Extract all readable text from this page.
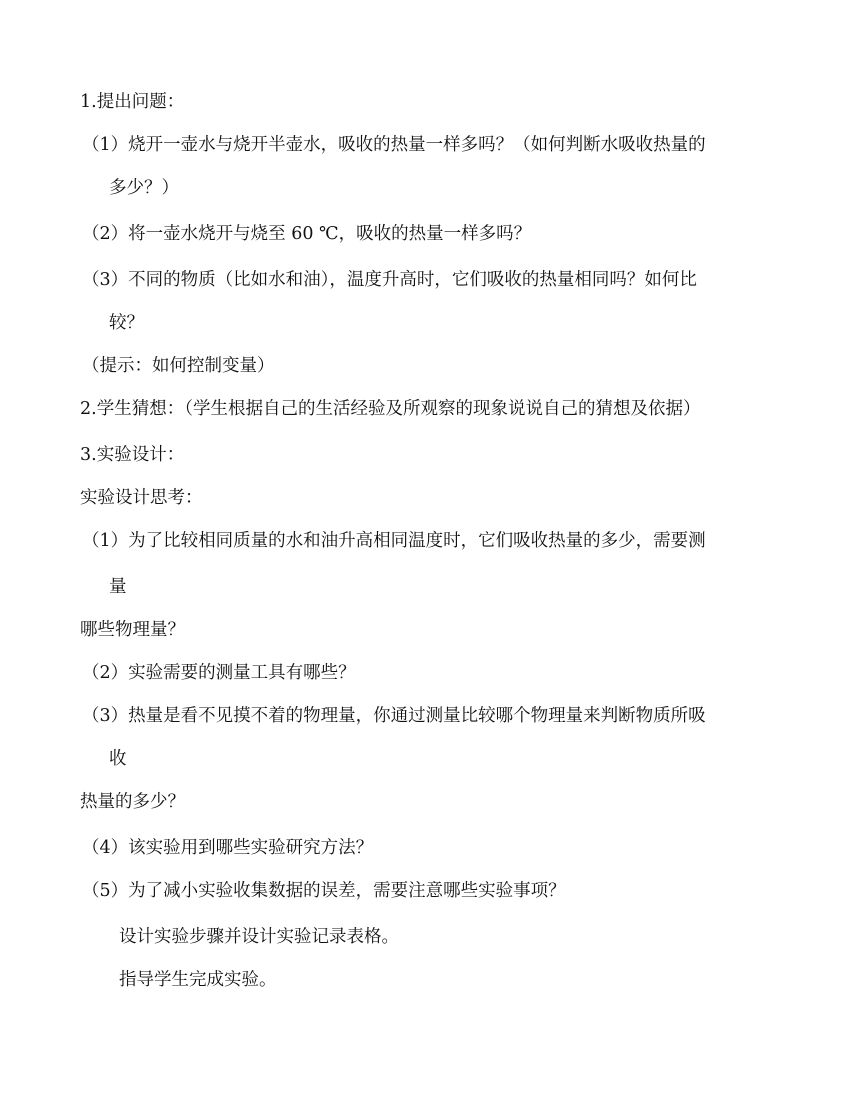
1.提出问题：
（1）烧开一壶水与烧开半壶水，吸收的热量一样多吗？（如何判断水吸收热量的
多少？）
（2）将一壶水烧开与烧至 60 ℃，吸收的热量一样多吗？
（3）不同的物质（比如水和油），温度升高时，它们吸收的热量相同吗？如何比
较？
（提示：如何控制变量）
2.学生猜想：（学生根据自己的生活经验及所观察的现象说说自己的猜想及依据）
3.实验设计：
实验设计思考：
（1）为了比较相同质量的水和油升高相同温度时，它们吸收热量的多少，需要测
量
哪些物理量？
（2）实验需要的测量工具有哪些？
（3）热量是看不见摸不着的物理量，你通过测量比较哪个物理量来判断物质所吸
收
热量的多少？
（4）该实验用到哪些实验研究方法？
（5）为了减小实验收集数据的误差，需要注意哪些实验事项？
设计实验步骤并设计实验记录表格。
指导学生完成实验。
